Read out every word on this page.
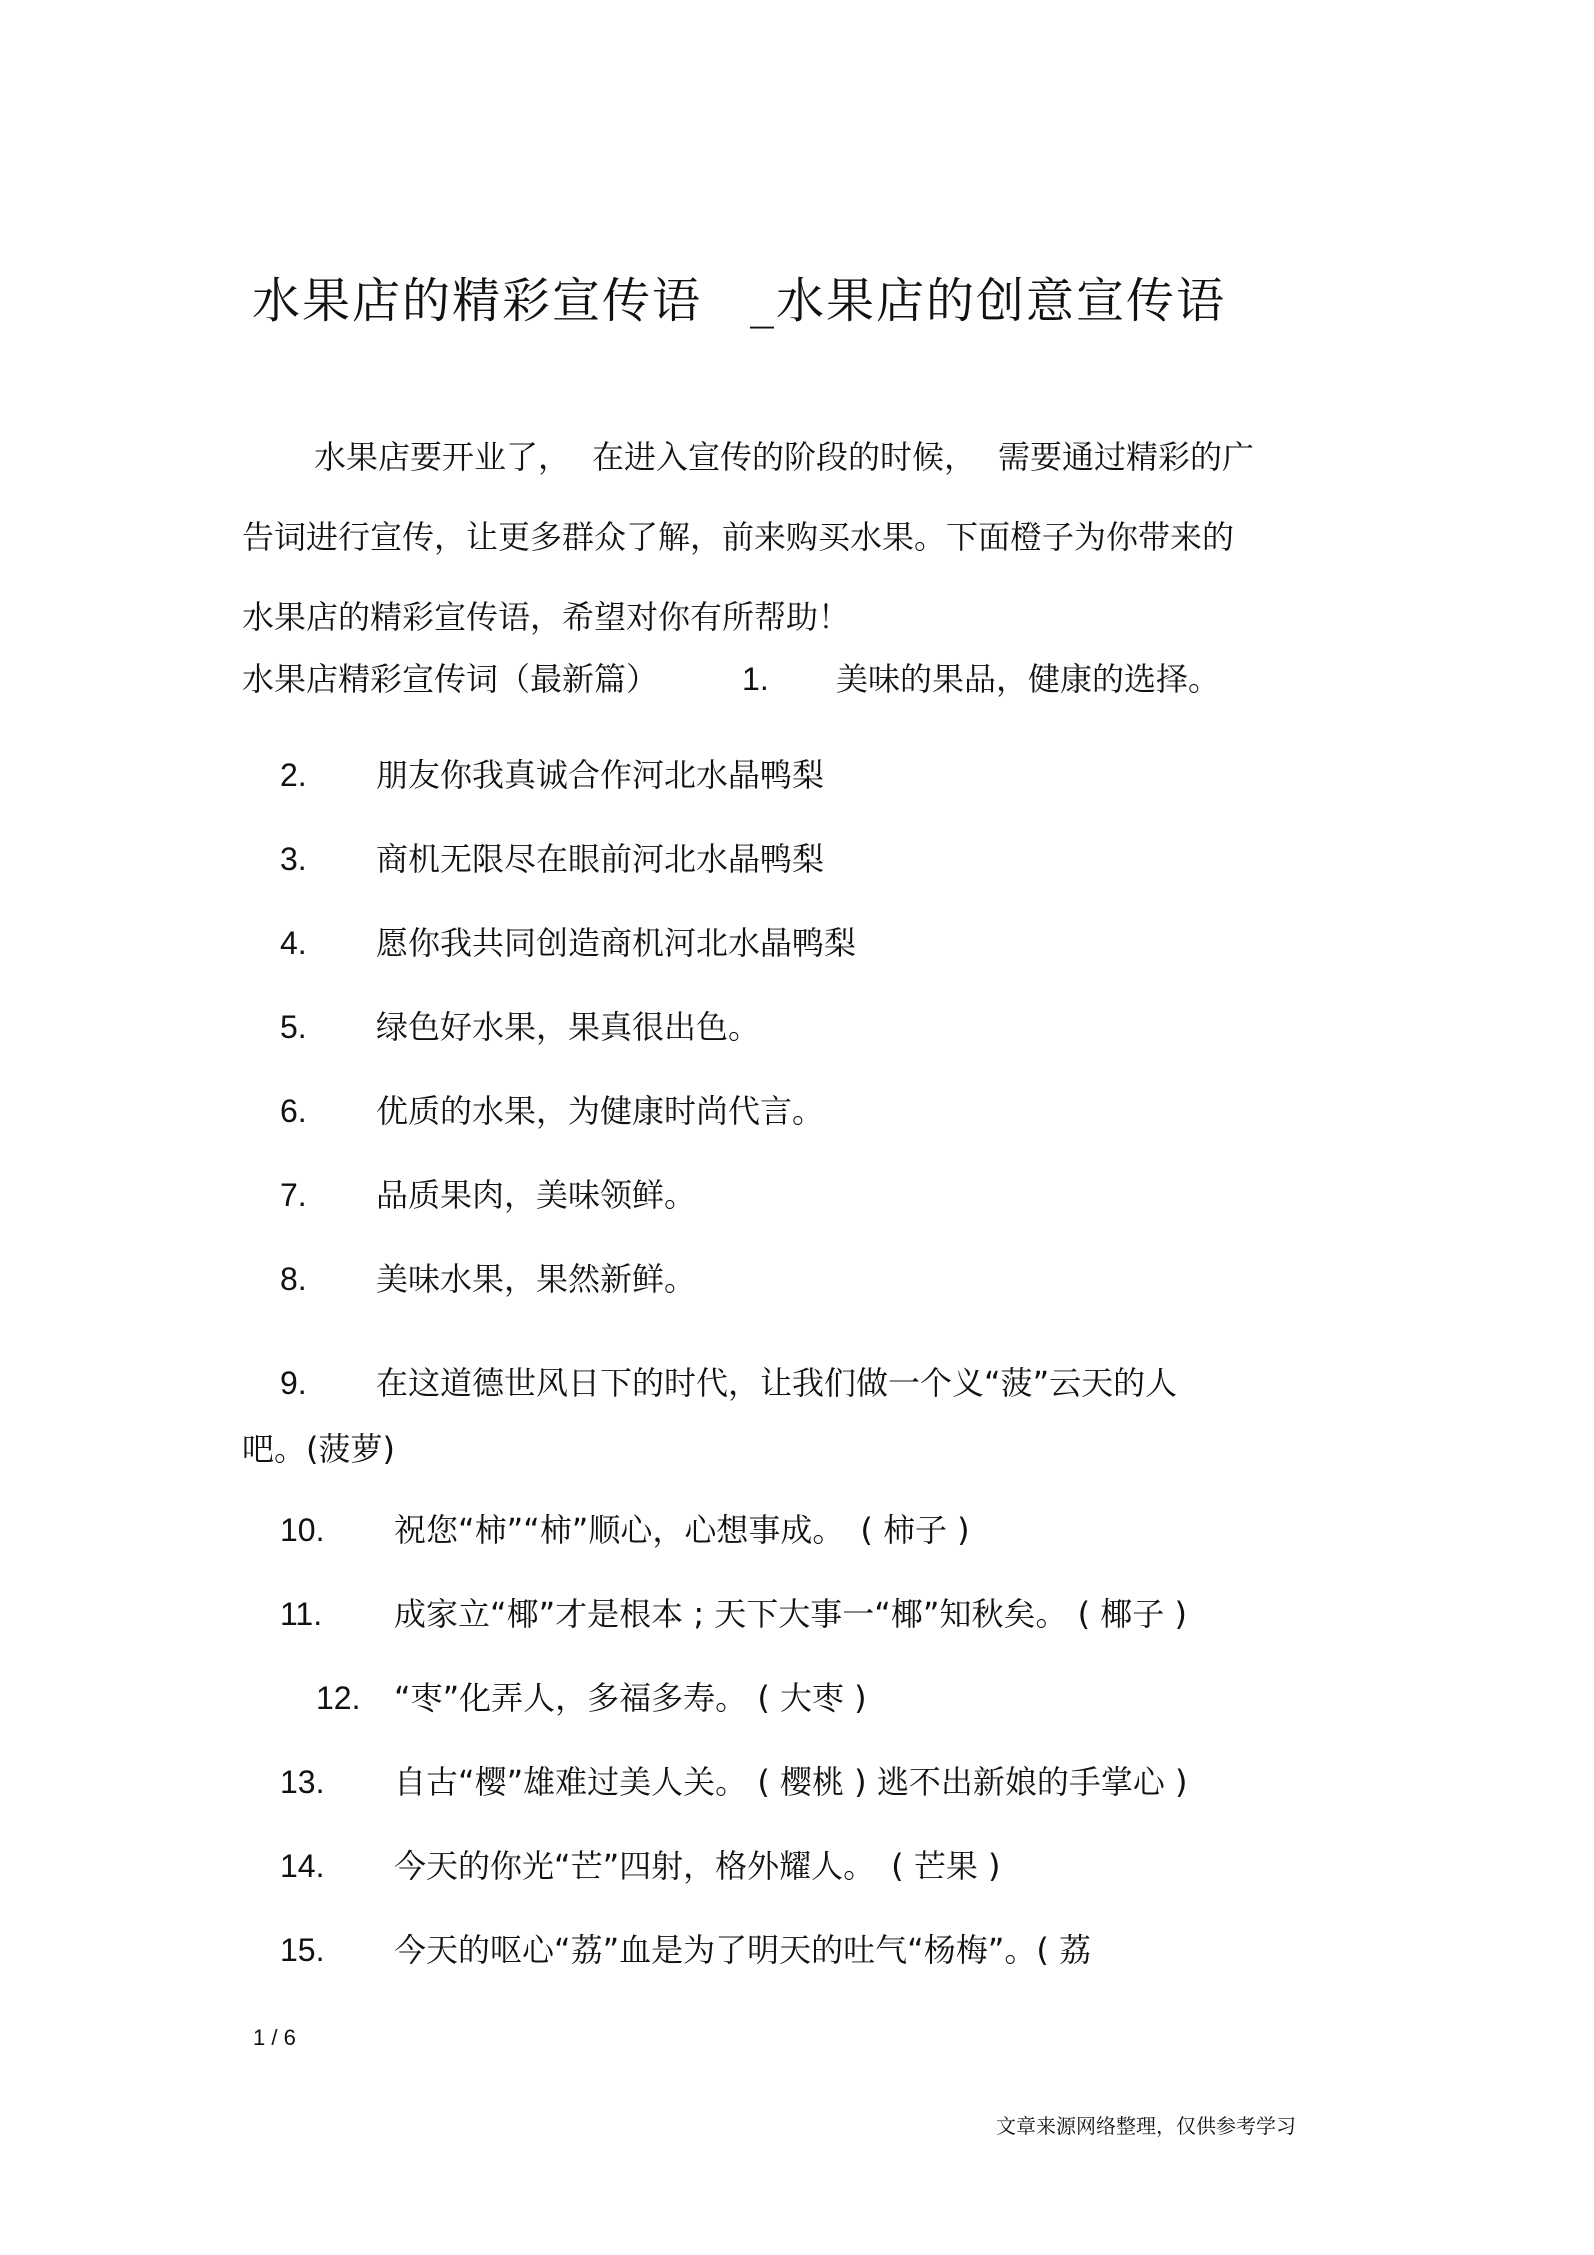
水果店的精彩宣传语 _水果店的创意宣传语
水果店要开业了， 在进入宣传的阶段的时候， 需要通过精彩的广
告词进行宣传，让更多群众了解，前来购买水果。下面橙子为你带来的
水果店的精彩宣传语，希望对你有所帮助！
水果店精彩宣传词（最新篇）	1. 美味的果品，健康的选择。
2. 朋友你我真诚合作河北水晶鸭梨
3. 商机无限尽在眼前河北水晶鸭梨
4. 愿你我共同创造商机河北水晶鸭梨
5. 绿色好水果，果真很出色。
6. 优质的水果，为健康时尚代言。
7. 品质果肉，美味领鲜。
8. 美味水果，果然新鲜。
9. 在这道德世风日下的时代，让我们做一个义“菠”云天的人
吧。(菠萝)
10. 祝您“柿”“柿”顺心，心想事成。　( 柿子 )
11. 成家立“椰”才是根本 ; 天下大事一“椰”知秋矣。 ( 椰子 )
12. “枣”化弄人，多福多寿。 ( 大枣 )
13. 自古“樱”雄难过美人关。 ( 樱桃 ) 逃不出新娘的手掌心 )
14. 今天的你光“芒”四射，格外耀人。　( 芒果 )
15. 今天的呕心“荔”血是为了明天的吐气“杨梅”。( 荔
1 / 6
文章来源网络整理，仅供参考学习
